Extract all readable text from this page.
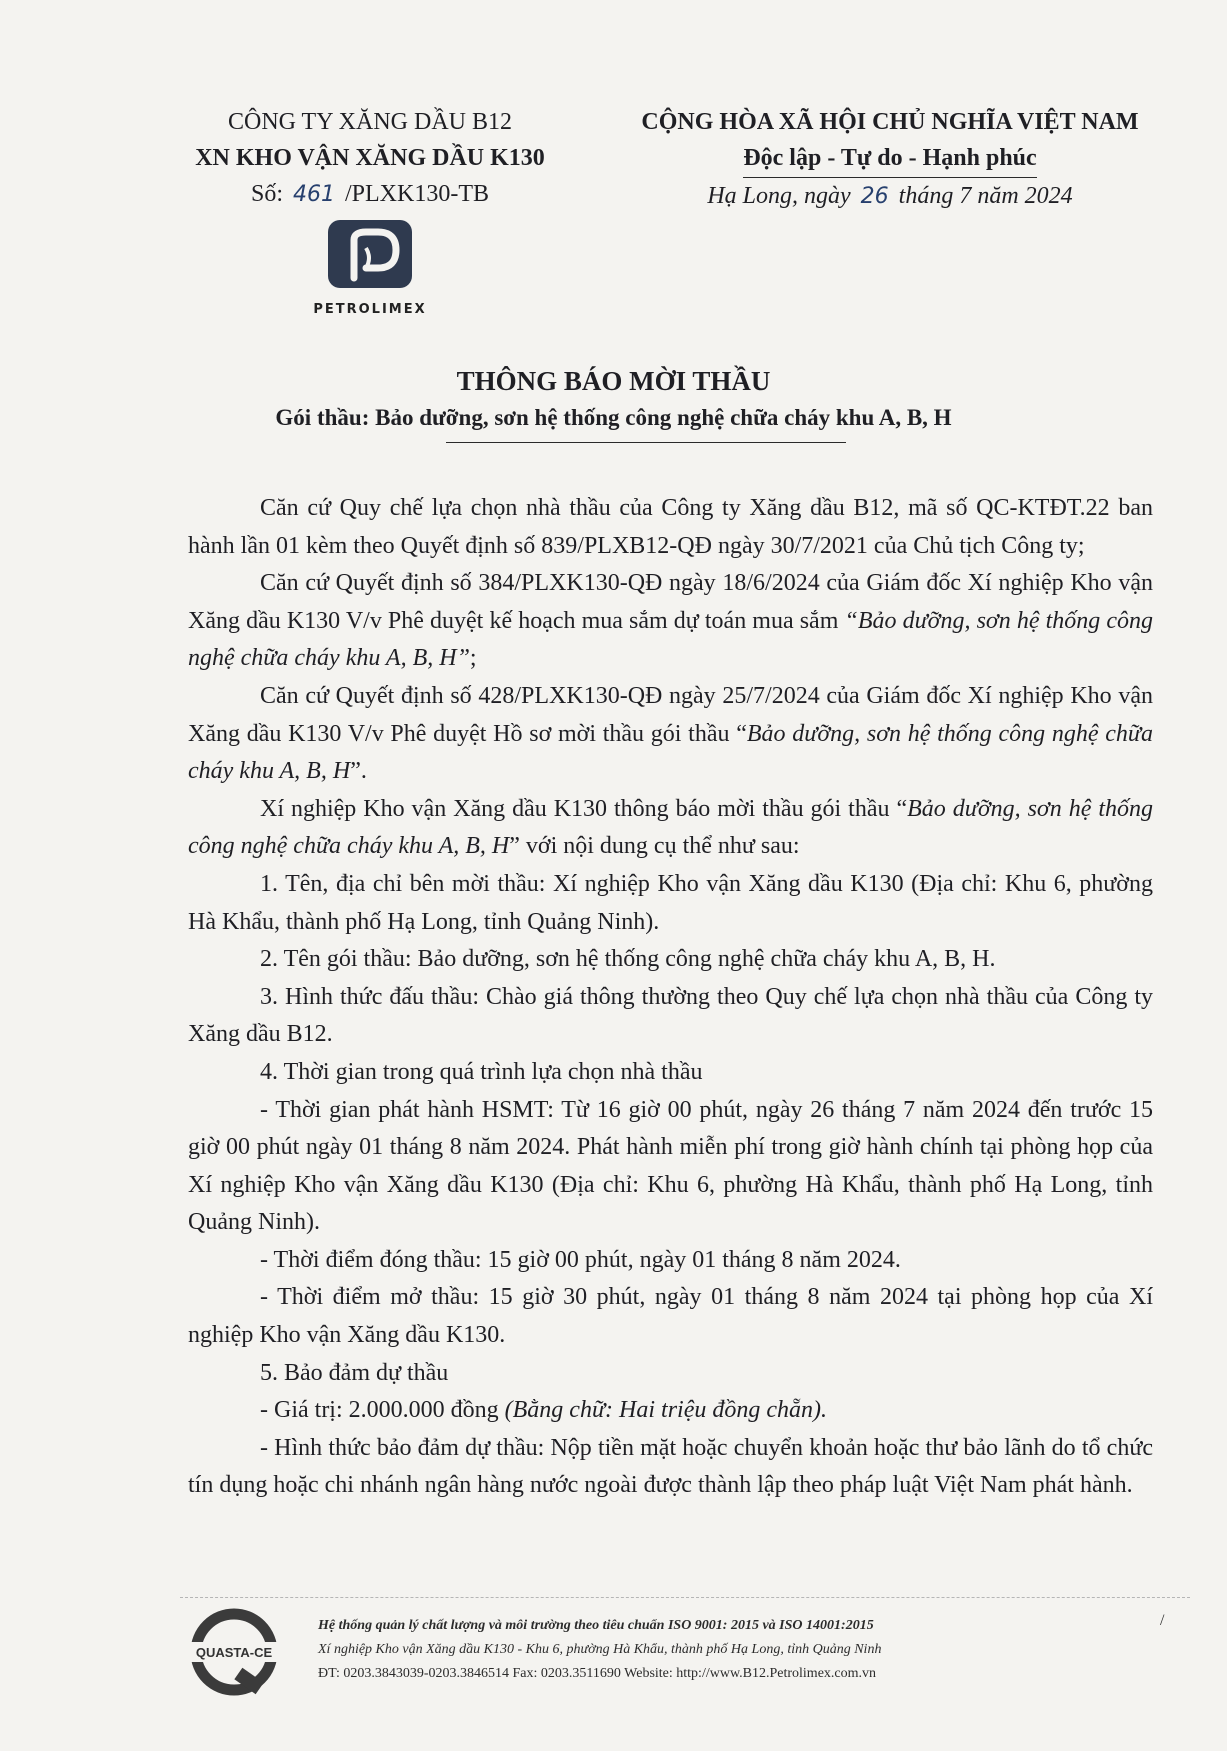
CÔNG TY XĂNG DẦU B12
XN KHO VẬN XĂNG DẦU K130
Số: 461 /PLXK130-TB
CỘNG HÒA XÃ HỘI CHỦ NGHĨA VIỆT NAM
Độc lập - Tự do - Hạnh phúc
Hạ Long, ngày 26 tháng 7 năm 2024
PETROLIMEX
THÔNG BÁO MỜI THẦU
Gói thầu: Bảo dưỡng, sơn hệ thống công nghệ chữa cháy khu A, B, H

Căn cứ Quy chế lựa chọn nhà thầu của Công ty Xăng dầu B12, mã số QC-KTĐT.22 ban hành lần 01 kèm theo Quyết định số 839/PLXB12-QĐ ngày 30/7/2021 của Chủ tịch Công ty;

Căn cứ Quyết định số 384/PLXK130-QĐ ngày 18/6/2024 của Giám đốc Xí nghiệp Kho vận Xăng dầu K130 V/v Phê duyệt kế hoạch mua sắm dự toán mua sắm “Bảo dưỡng, sơn hệ thống công nghệ chữa cháy khu A, B, H”;

Căn cứ Quyết định số 428/PLXK130-QĐ ngày 25/7/2024 của Giám đốc Xí nghiệp Kho vận Xăng dầu K130 V/v Phê duyệt Hồ sơ mời thầu gói thầu “Bảo dưỡng, sơn hệ thống công nghệ chữa cháy khu A, B, H”.

Xí nghiệp Kho vận Xăng dầu K130 thông báo mời thầu gói thầu “Bảo dưỡng, sơn hệ thống công nghệ chữa cháy khu A, B, H” với nội dung cụ thể như sau:

1. Tên, địa chỉ bên mời thầu: Xí nghiệp Kho vận Xăng dầu K130 (Địa chỉ: Khu 6, phường Hà Khẩu, thành phố Hạ Long, tỉnh Quảng Ninh).

2. Tên gói thầu: Bảo dưỡng, sơn hệ thống công nghệ chữa cháy khu A, B, H.

3. Hình thức đấu thầu: Chào giá thông thường theo Quy chế lựa chọn nhà thầu của Công ty Xăng dầu B12.

4. Thời gian trong quá trình lựa chọn nhà thầu

- Thời gian phát hành HSMT: Từ 16 giờ 00 phút, ngày 26 tháng 7 năm 2024 đến trước 15 giờ 00 phút ngày 01 tháng 8 năm 2024. Phát hành miễn phí trong giờ hành chính tại phòng họp của Xí nghiệp Kho vận Xăng dầu K130 (Địa chỉ: Khu 6, phường Hà Khẩu, thành phố Hạ Long, tỉnh Quảng Ninh).

- Thời điểm đóng thầu: 15 giờ 00 phút, ngày 01 tháng 8 năm 2024.

- Thời điểm mở thầu: 15 giờ 30 phút, ngày 01 tháng 8 năm 2024 tại phòng họp của Xí nghiệp Kho vận Xăng dầu K130.

5. Bảo đảm dự thầu

- Giá trị: 2.000.000 đồng (Bằng chữ: Hai triệu đồng chẵn).

- Hình thức bảo đảm dự thầu: Nộp tiền mặt hoặc chuyển khoản hoặc thư bảo lãnh do tổ chức tín dụng hoặc chi nhánh ngân hàng nước ngoài được thành lập theo pháp luật Việt Nam phát hành.

QUASTA-CE
Hệ thống quản lý chất lượng và môi trường theo tiêu chuẩn ISO 9001: 2015 và ISO 14001:2015
Xí nghiệp Kho vận Xăng dầu K130 - Khu 6, phường Hà Khẩu, thành phố Hạ Long, tỉnh Quảng Ninh
ĐT: 0203.3843039-0203.3846514 Fax: 0203.3511690 Website: http://www.B12.Petrolimex.com.vn
/
